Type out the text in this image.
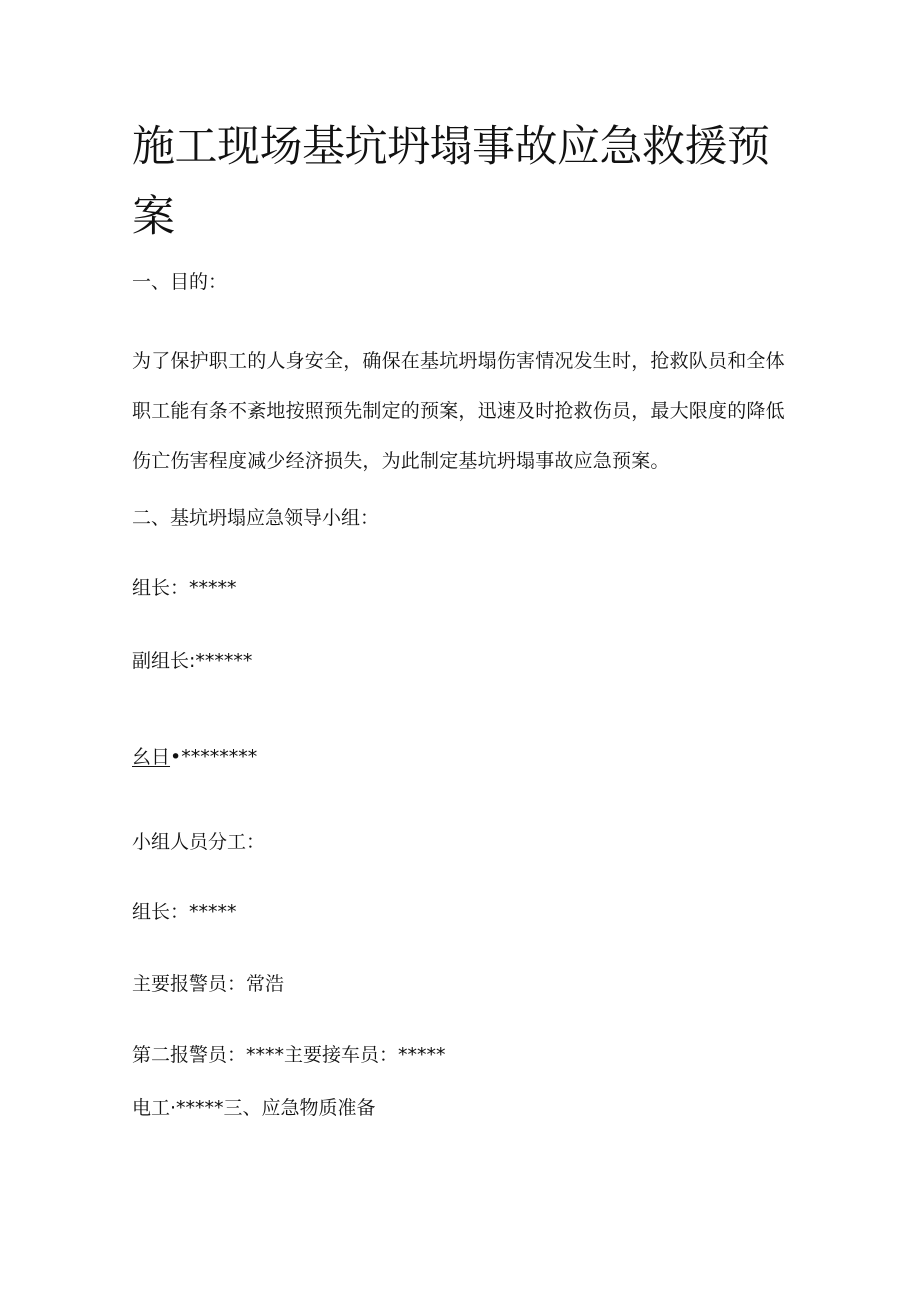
施工现场基坑坍塌事故应急救援预案

一、目的：

为了保护职工的人身安全，确保在基坑坍塌伤害情况发生时，抢救队员和全体职工能有条不紊地按照预先制定的预案，迅速及时抢救伤员，最大限度的降低伤亡伤害程度减少经济损失，为此制定基坑坍塌事故应急预案。

二、基坑坍塌应急领导小组：

组长：*****

副组长:******

幺日•********

小组人员分工：

组长：*****

主要报警员：常浩

第二报警员：****主要接车员：*****

电工·*****三、应急物质准备
